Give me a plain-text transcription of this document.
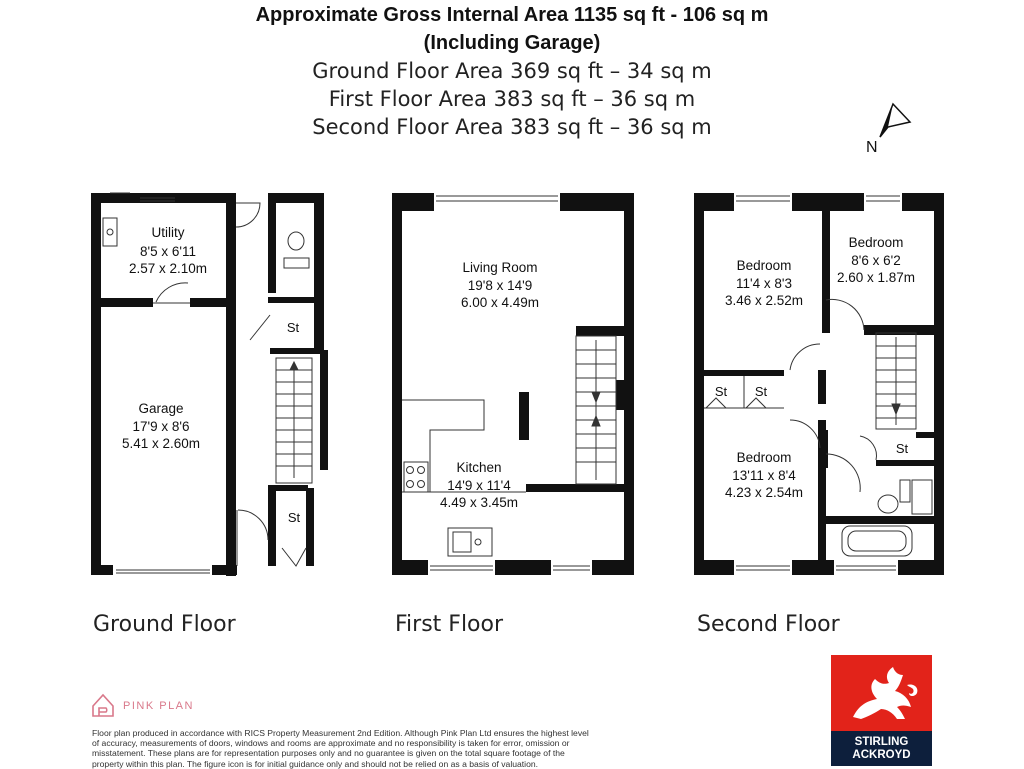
Approximate Gross Internal Area 1135 sq ft - 106 sq m
(Including Garage)
Ground Floor Area 369 sq ft – 34 sq m
First Floor Area 383 sq ft – 36 sq m
Second Floor Area 383 sq ft – 36 sq m
N
Utility
8'5 x 6'11
2.57 x 2.10m
Garage
17'9 x 8'6
5.41 x 2.60m
St
St
Living Room
19'8 x 14'9
6.00 x 4.49m
Kitchen
14'9 x 11'4
4.49 x 3.45m
Bedroom
11'4 x 8'3
3.46 x 2.52m
Bedroom
8'6 x 6'2
2.60 x 1.87m
Bedroom
13'11 x 8'4
4.23 x 2.54m
St St
St
Ground Floor	First Floor	Second Floor
PINK PLAN
Floor plan produced in accordance with RICS Property Measurement 2nd Edition. Although Pink Plan Ltd ensures the highest level of accuracy, measurements of doors, windows and rooms are approximate and no responsibility is taken for error, omission or misstatement. These plans are for representation purposes only and no guarantee is given on the total square footage of the property within this plan. The figure icon is for initial guidance only and should not be relied on as a basis of valuation.
STIRLING
ACKROYD
